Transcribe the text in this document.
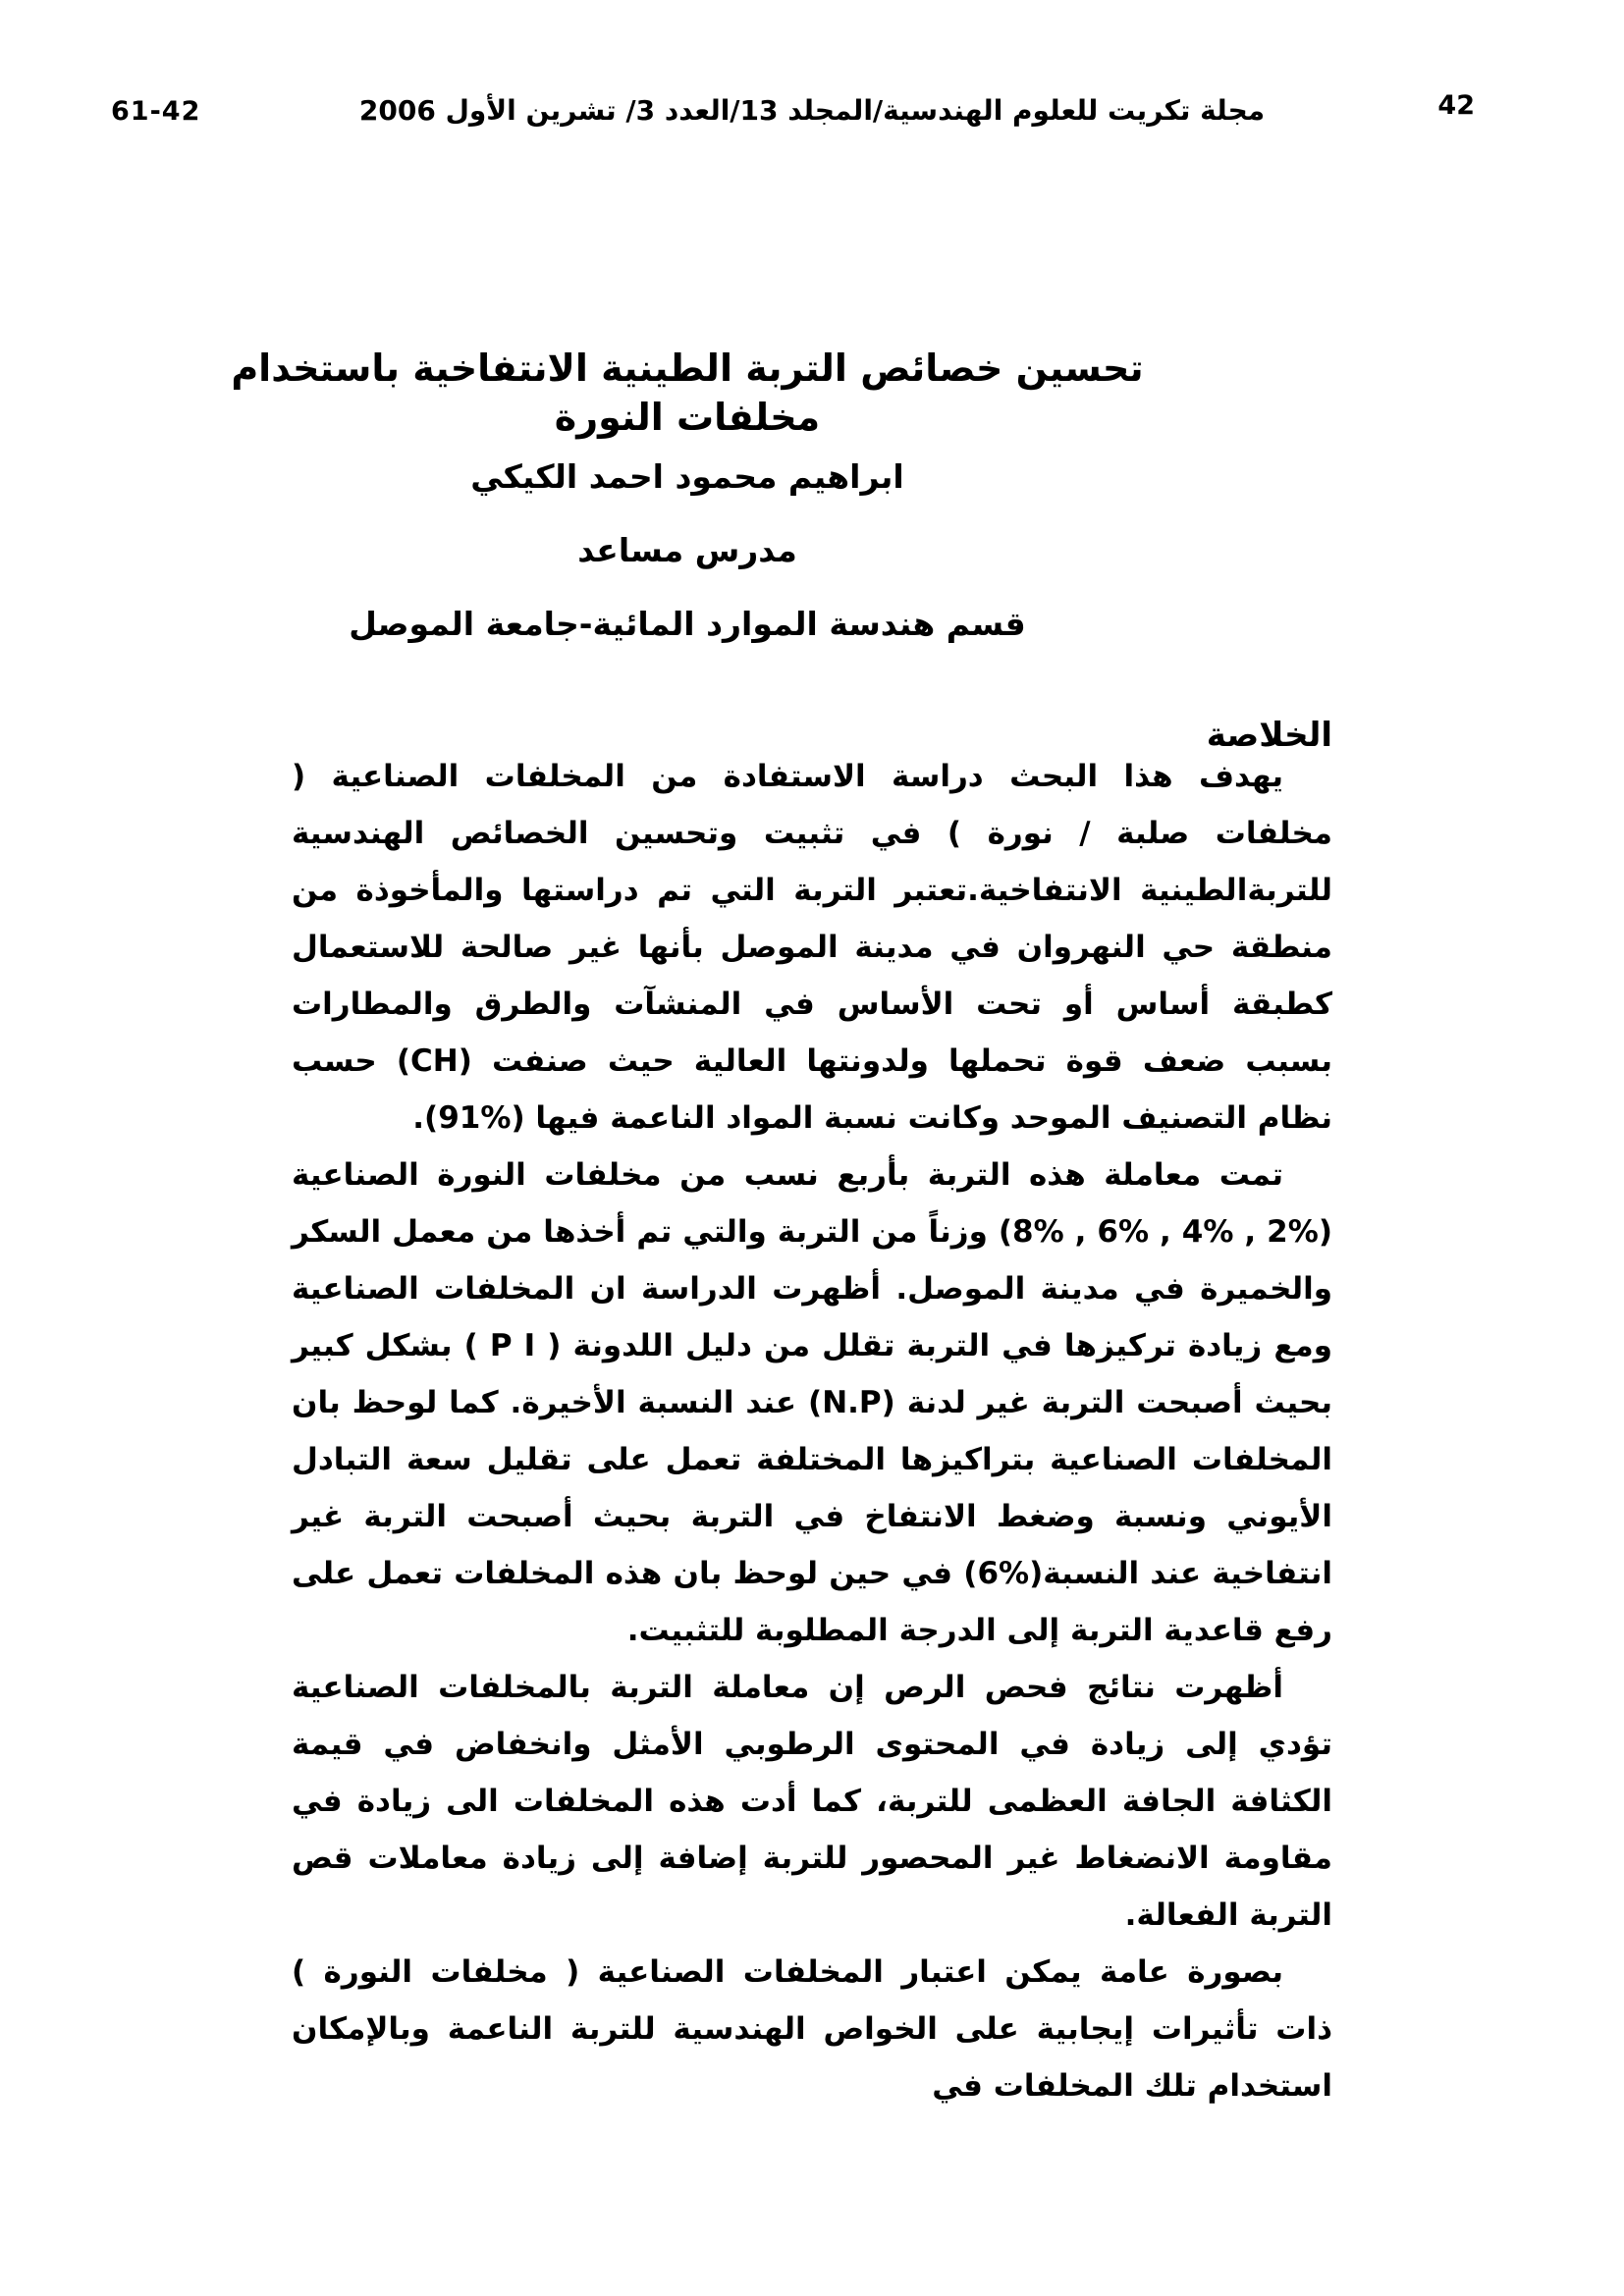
61-42	مجلة تكريت للعلوم الهندسية/المجلد 13/العدد 3/ تشرين الأول 2006	42
تحسين خصائص التربة الطينية الانتفاخية باستخدام مخلفات النورة
ابراهيم محمود احمد الكيكي
مدرس مساعد
قسم هندسة الموارد المائية-جامعة الموصل
الخلاصة

يهدف هذا البحث دراسة الاستفادة من المخلفات الصناعية ( مخلفات صلبة / نورة ) في تثبيت وتحسين الخصائص الهندسية للتربةالطينية الانتفاخية.تعتبر التربة التي تم دراستها والمأخوذة من منطقة حي النهروان في مدينة الموصل بأنها غير صالحة للاستعمال كطبقة أساس أو تحت الأساس في المنشآت والطرق والمطارات بسبب ضعف قوة تحملها ولدونتها العالية حيث صنفت (CH) حسب نظام التصنيف الموحد وكانت نسبة المواد الناعمة فيها (‎91%).

تمت معاملة هذه التربة بأربع نسب من مخلفات النورة الصناعية (‎2%‏ , ‎4%‏ , ‎6%‏ , ‎8%‏) وزناً من التربة والتي تم أخذها من معمل السكر والخميرة في مدينة الموصل. أظهرت الدراسة ان المخلفات الصناعية ومع زيادة تركيزها في التربة تقلل من دليل اللدونة ( P I ) بشكل كبير بحيث أصبحت التربة غير لدنة (N.P) عند النسبة الأخيرة. كما لوحظ بان المخلفات الصناعية بتراكيزها المختلفة تعمل على تقليل سعة التبادل الأيوني ونسبة وضغط الانتفاخ في التربة بحيث أصبحت التربة غير انتفاخية عند النسبة(‎6%) في حين لوحظ بان هذه المخلفات تعمل على رفع قاعدية التربة إلى الدرجة المطلوبة للتثبيت.

أظهرت نتائج فحص الرص إن معاملة التربة بالمخلفات الصناعية تؤدي إلى زيادة في المحتوى الرطوبي الأمثل وانخفاض في قيمة الكثافة الجافة العظمى للتربة، كما أدت هذه المخلفات الى زيادة في مقاومة الانضغاط غير المحصور للتربة إضافة إلى زيادة معاملات قص التربة الفعالة.

بصورة عامة يمكن اعتبار المخلفات الصناعية ( مخلفات النورة ) ذات تأثيرات إيجابية على الخواص الهندسية للتربة الناعمة وبالإمكان استخدام تلك المخلفات في
